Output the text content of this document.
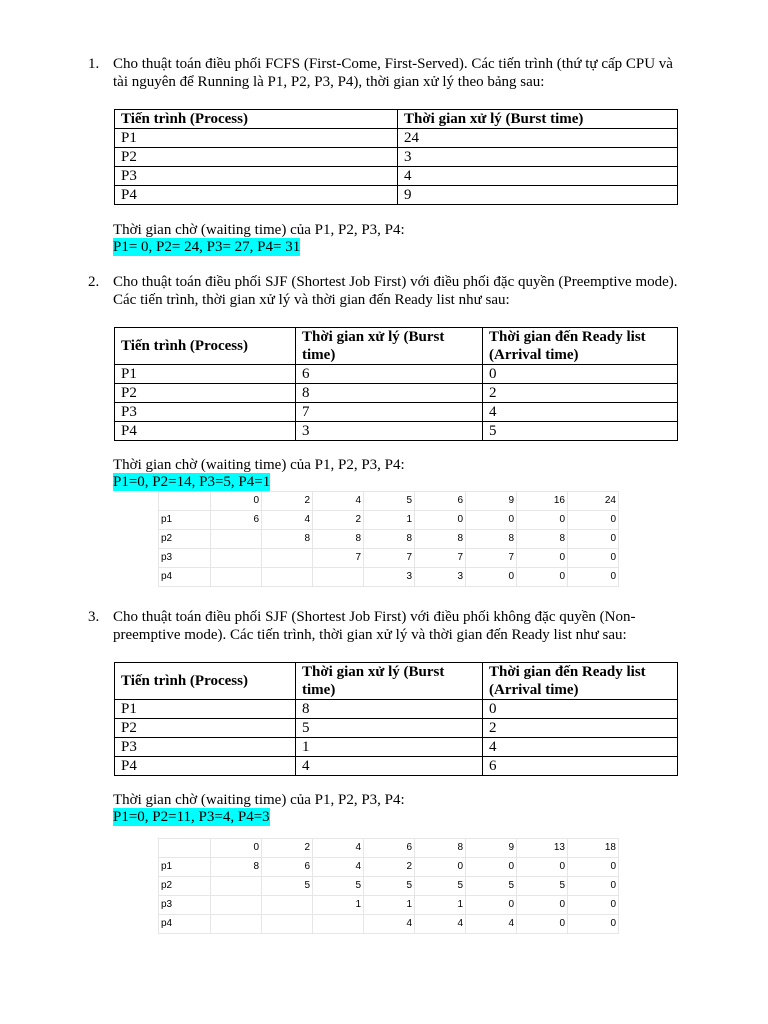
1. Cho thuật toán điều phối FCFS (First-Come, First-Served). Các tiến trình (thứ tự cấp CPU và tài nguyên để Running là P1, P2, P3, P4), thời gian xử lý theo bảng sau:
Tiến trình (Process)	Thời gian xử lý (Burst time)
P1	24
P2	3
P3	4
P4	9
Thời gian chờ (waiting time) của P1, P2, P3, P4:
P1= 0, P2= 24, P3= 27, P4= 31
2. Cho thuật toán điều phối SJF (Shortest Job First) với điều phối đặc quyền (Preemptive mode). Các tiến trình, thời gian xử lý và thời gian đến Ready list như sau:
Tiến trình (Process)	Thời gian xử lý (Burst time)	Thời gian đến Ready list (Arrival time)
P1	6	0
P2	8	2
P3	7	4
P4	3	5
Thời gian chờ (waiting time) của P1, P2, P3, P4:
P1=0, P2=14, P3=5, P4=1
	0	2	4	5	6	9	16	24
p1	6	4	2	1	0	0	0	0
p2		8	8	8	8	8	8	0
p3			7	7	7	7	0	0
p4				3	3	0	0	0
3. Cho thuật toán điều phối SJF (Shortest Job First) với điều phối không đặc quyền (Non-preemptive mode). Các tiến trình, thời gian xử lý và thời gian đến Ready list như sau:
Tiến trình (Process)	Thời gian xử lý (Burst time)	Thời gian đến Ready list (Arrival time)
P1	8	0
P2	5	2
P3	1	4
P4	4	6
Thời gian chờ (waiting time) của P1, P2, P3, P4:
P1=0, P2=11, P3=4, P4=3
	0	2	4	6	8	9	13	18
p1	8	6	4	2	0	0	0	0
p2		5	5	5	5	5	5	0
p3			1	1	1	0	0	0
p4				4	4	4	0	0
